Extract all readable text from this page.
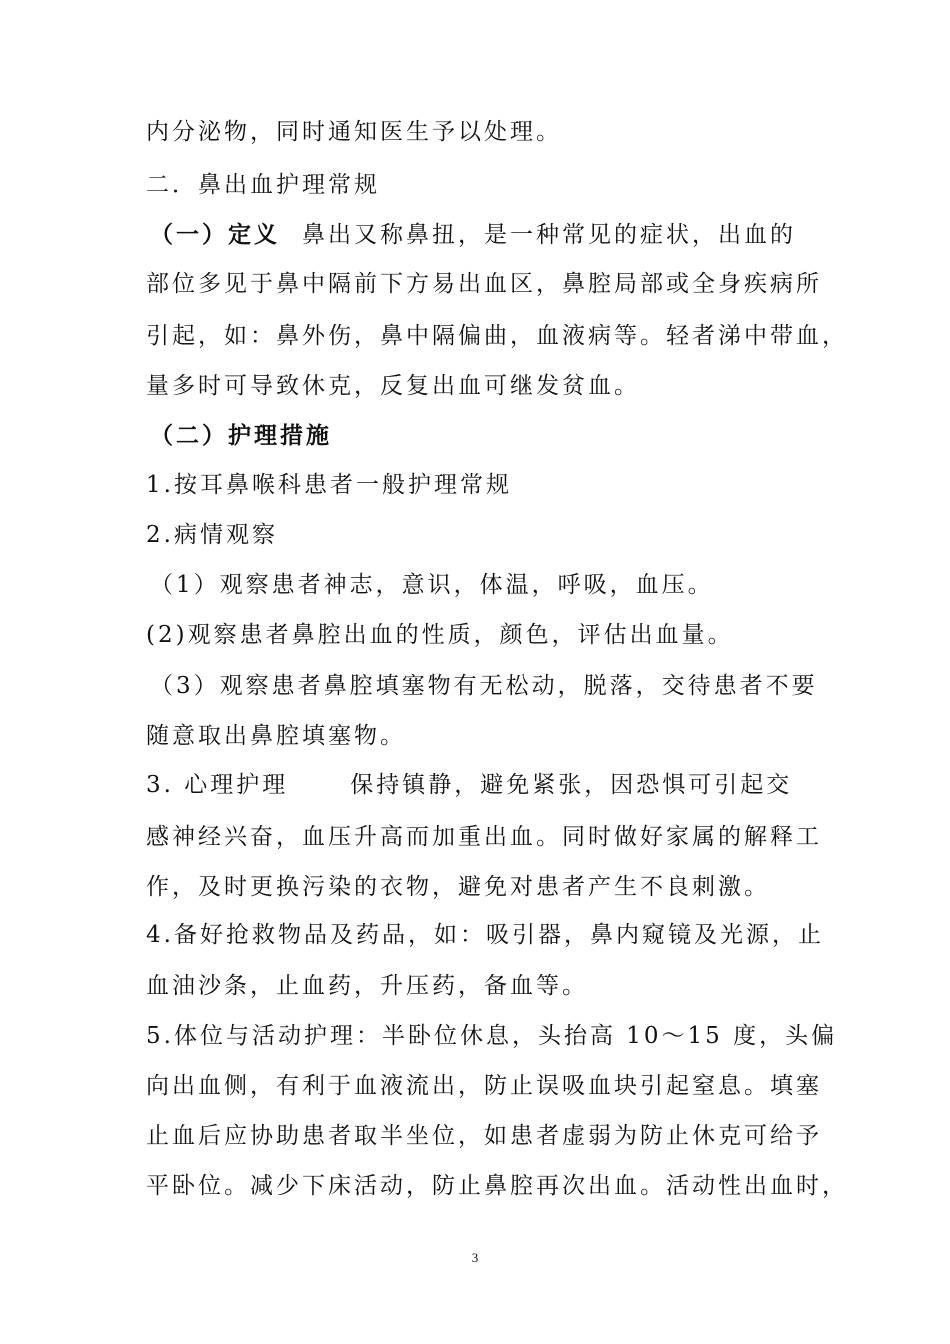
内分泌物，同时通知医生予以处理。
二．鼻出血护理常规
（一）定义 鼻出又称鼻扭，是一种常见的症状，出血的
部位多见于鼻中隔前下方易出血区，鼻腔局部或全身疾病所
引起，如：鼻外伤，鼻中隔偏曲，血液病等。轻者涕中带血，
量多时可导致休克，反复出血可继发贫血。
（二）护理措施
1.按耳鼻喉科患者一般护理常规
2.病情观察
（1）观察患者神志，意识，体温，呼吸，血压。
(2)观察患者鼻腔出血的性质，颜色，评估出血量。
（3）观察患者鼻腔填塞物有无松动，脱落，交待患者不要
随意取出鼻腔填塞物。
3. 心理护理	保持镇静，避免紧张，因恐惧可引起交
感神经兴奋，血压升高而加重出血。同时做好家属的解释工
作，及时更换污染的衣物，避免对患者产生不良刺激。
4.备好抢救物品及药品，如：吸引器，鼻内窥镜及光源，止
血油沙条，止血药，升压药，备血等。
5.体位与活动护理：半卧位休息，头抬高 10～15 度，头偏
向出血侧，有利于血液流出，防止误吸血块引起窒息。填塞
止血后应协助患者取半坐位，如患者虚弱为防止休克可给予
平卧位。减少下床活动，防止鼻腔再次出血。活动性出血时，
3
